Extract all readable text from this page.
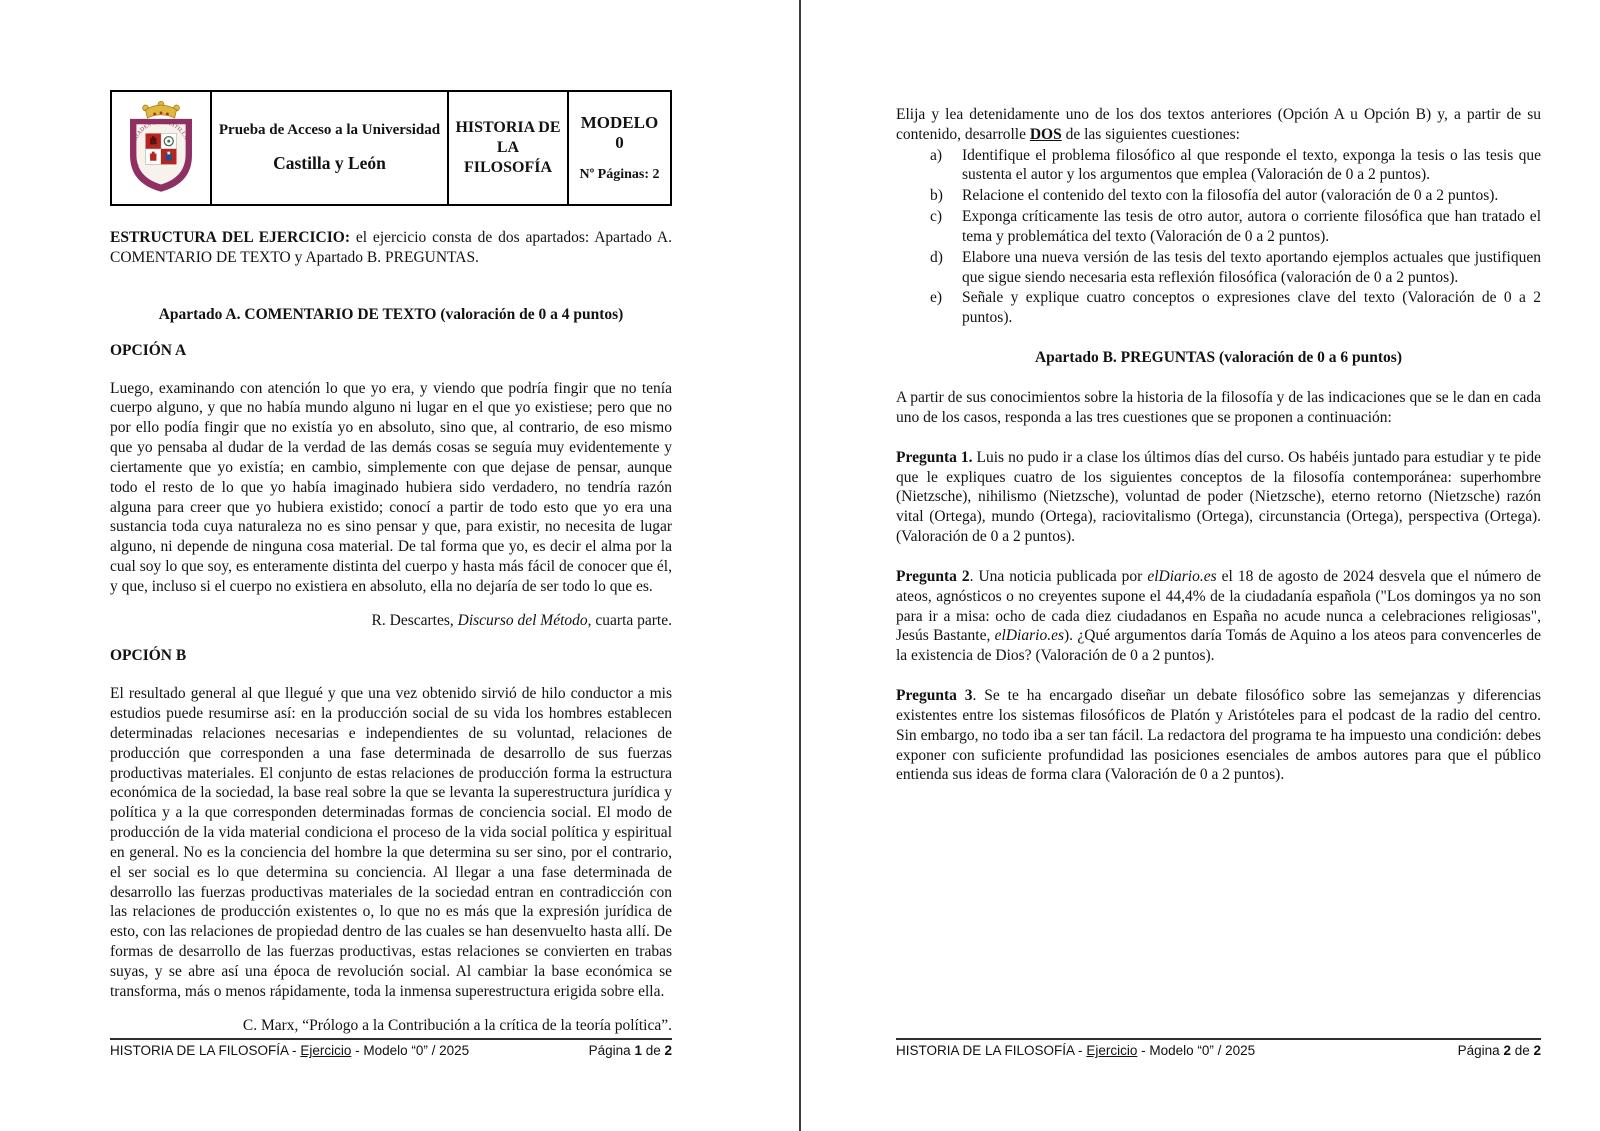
UNIVERSIDADES DE CASTILLA Y LEÓN
Prueba de Acceso a la Universidad
Castilla y León
HISTORIA DE LA FILOSOFÍA
MODELO 0
Nº Páginas: 2

ESTRUCTURA DEL EJERCICIO: el ejercicio consta de dos apartados: Apartado A. COMENTARIO DE TEXTO y Apartado B. PREGUNTAS.

Apartado A. COMENTARIO DE TEXTO (valoración de 0 a 4 puntos)

OPCIÓN A

Luego, examinando con atención lo que yo era, y viendo que podría fingir que no tenía cuerpo alguno, y que no había mundo alguno ni lugar en el que yo existiese; pero que no por ello podía fingir que no existía yo en absoluto, sino que, al contrario, de eso mismo que yo pensaba al dudar de la verdad de las demás cosas se seguía muy evidentemente y ciertamente que yo existía; en cambio, simplemente con que dejase de pensar, aunque todo el resto de lo que yo había imaginado hubiera sido verdadero, no tendría razón alguna para creer que yo hubiera existido; conocí a partir de todo esto que yo era una sustancia toda cuya naturaleza no es sino pensar y que, para existir, no necesita de lugar alguno, ni depende de ninguna cosa material. De tal forma que yo, es decir el alma por la cual soy lo que soy, es enteramente distinta del cuerpo y hasta más fácil de conocer que él, y que, incluso si el cuerpo no existiera en absoluto, ella no dejaría de ser todo lo que es.

R. Descartes, Discurso del Método, cuarta parte.

OPCIÓN B

El resultado general al que llegué y que una vez obtenido sirvió de hilo conductor a mis estudios puede resumirse así: en la producción social de su vida los hombres establecen determinadas relaciones necesarias e independientes de su voluntad, relaciones de producción que corresponden a una fase determinada de desarrollo de sus fuerzas productivas materiales. El conjunto de estas relaciones de producción forma la estructura económica de la sociedad, la base real sobre la que se levanta la superestructura jurídica y política y a la que corresponden determinadas formas de conciencia social. El modo de producción de la vida material condiciona el proceso de la vida social política y espiritual en general. No es la conciencia del hombre la que determina su ser sino, por el contrario, el ser social es lo que determina su conciencia. Al llegar a una fase determinada de desarrollo las fuerzas productivas materiales de la sociedad entran en contradicción con las relaciones de producción existentes o, lo que no es más que la expresión jurídica de esto, con las relaciones de propiedad dentro de las cuales se han desenvuelto hasta allí. De formas de desarrollo de las fuerzas productivas, estas relaciones se convierten en trabas suyas, y se abre así una época de revolución social. Al cambiar la base económica se transforma, más o menos rápidamente, toda la inmensa superestructura erigida sobre ella.

C. Marx, “Prólogo a la Contribución a la crítica de la teoría política”.

HISTORIA DE LA FILOSOFÍA - Ejercicio - Modelo “0” / 2025	Página 1 de 2

Elija y lea detenidamente uno de los dos textos anteriores (Opción A u Opción B) y, a partir de su contenido, desarrolle DOS de las siguientes cuestiones:

a) Identifique el problema filosófico al que responde el texto, exponga la tesis o las tesis que sustenta el autor y los argumentos que emplea (Valoración de 0 a 2 puntos).
b) Relacione el contenido del texto con la filosofía del autor (valoración de 0 a 2 puntos).
c) Exponga críticamente las tesis de otro autor, autora o corriente filosófica que han tratado el tema y problemática del texto (Valoración de 0 a 2 puntos).
d) Elabore una nueva versión de las tesis del texto aportando ejemplos actuales que justifiquen que sigue siendo necesaria esta reflexión filosófica (valoración de 0 a 2 puntos).
e) Señale y explique cuatro conceptos o expresiones clave del texto (Valoración de 0 a 2 puntos).

Apartado B. PREGUNTAS (valoración de 0 a 6 puntos)

A partir de sus conocimientos sobre la historia de la filosofía y de las indicaciones que se le dan en cada uno de los casos, responda a las tres cuestiones que se proponen a continuación:

Pregunta 1. Luis no pudo ir a clase los últimos días del curso. Os habéis juntado para estudiar y te pide que le expliques cuatro de los siguientes conceptos de la filosofía contemporánea: superhombre (Nietzsche), nihilismo (Nietzsche), voluntad de poder (Nietzsche), eterno retorno (Nietzsche) razón vital (Ortega), mundo (Ortega), raciovitalismo (Ortega), circunstancia (Ortega), perspectiva (Ortega). (Valoración de 0 a 2 puntos).

Pregunta 2. Una noticia publicada por elDiario.es el 18 de agosto de 2024 desvela que el número de ateos, agnósticos o no creyentes supone el 44,4% de la ciudadanía española ("Los domingos ya no son para ir a misa: ocho de cada diez ciudadanos en España no acude nunca a celebraciones religiosas", Jesús Bastante, elDiario.es). ¿Qué argumentos daría Tomás de Aquino a los ateos para convencerles de la existencia de Dios? (Valoración de 0 a 2 puntos).

Pregunta 3. Se te ha encargado diseñar un debate filosófico sobre las semejanzas y diferencias existentes entre los sistemas filosóficos de Platón y Aristóteles para el podcast de la radio del centro. Sin embargo, no todo iba a ser tan fácil. La redactora del programa te ha impuesto una condición: debes exponer con suficiente profundidad las posiciones esenciales de ambos autores para que el público entienda sus ideas de forma clara (Valoración de 0 a 2 puntos).

HISTORIA DE LA FILOSOFÍA - Ejercicio - Modelo “0” / 2025	Página 2 de 2
